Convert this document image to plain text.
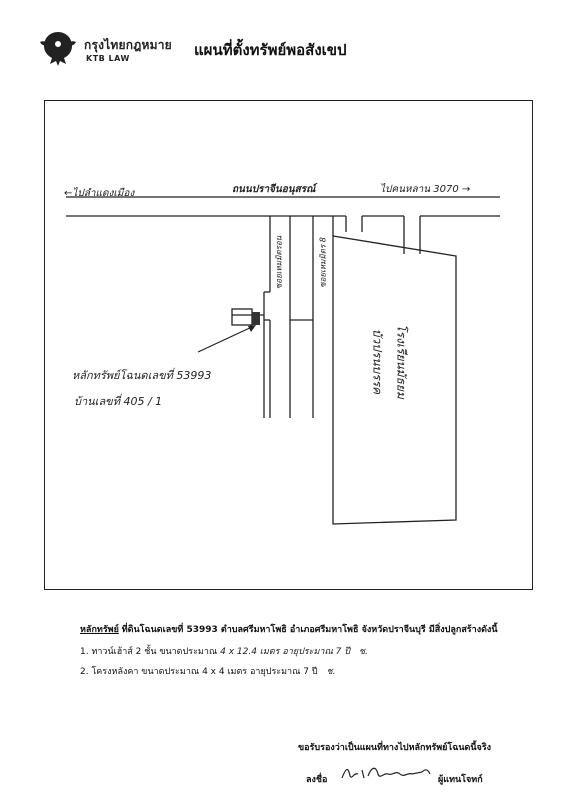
กรุงไทยกฎหมาย
KTB LAW	แผนที่ตั้งทรัพย์พอสังเขป
←ไปลำแดงเมือง	ถนนปราจีนอนุสรณ์	ไปคนหลาน 3070 →
ซอยเหมมิตรอน	ซอยเหมมิตร 8
โรงเรียนมัธยม
บัวปรนบรรค
หลักทรัพย์โฉนดเลขที่ 53993
บ้านเลขที่ 405 / 1
หลักทรัพย์ ที่ดินโฉนดเลขที่ 53993 ตำบลศรีมหาโพธิ อำเภอศรีมหาโพธิ จังหวัดปราจีนบุรี มีสิ่งปลูกสร้างดังนี้
1. ทาวน์เฮ้าส์ 2 ชั้น ขนาดประมาณ 4 x 12.4 เมตร อายุประมาณ 7 ปี ช.
2. โครงหลังคา ขนาดประมาณ 4 x 4 เมตร อายุประมาณ 7 ปี ช.
ขอรับรองว่าเป็นแผนที่ทางไปหลักทรัพย์โฉนดนี้จริง
ลงชื่อ	ผู้แทนโจทก์
